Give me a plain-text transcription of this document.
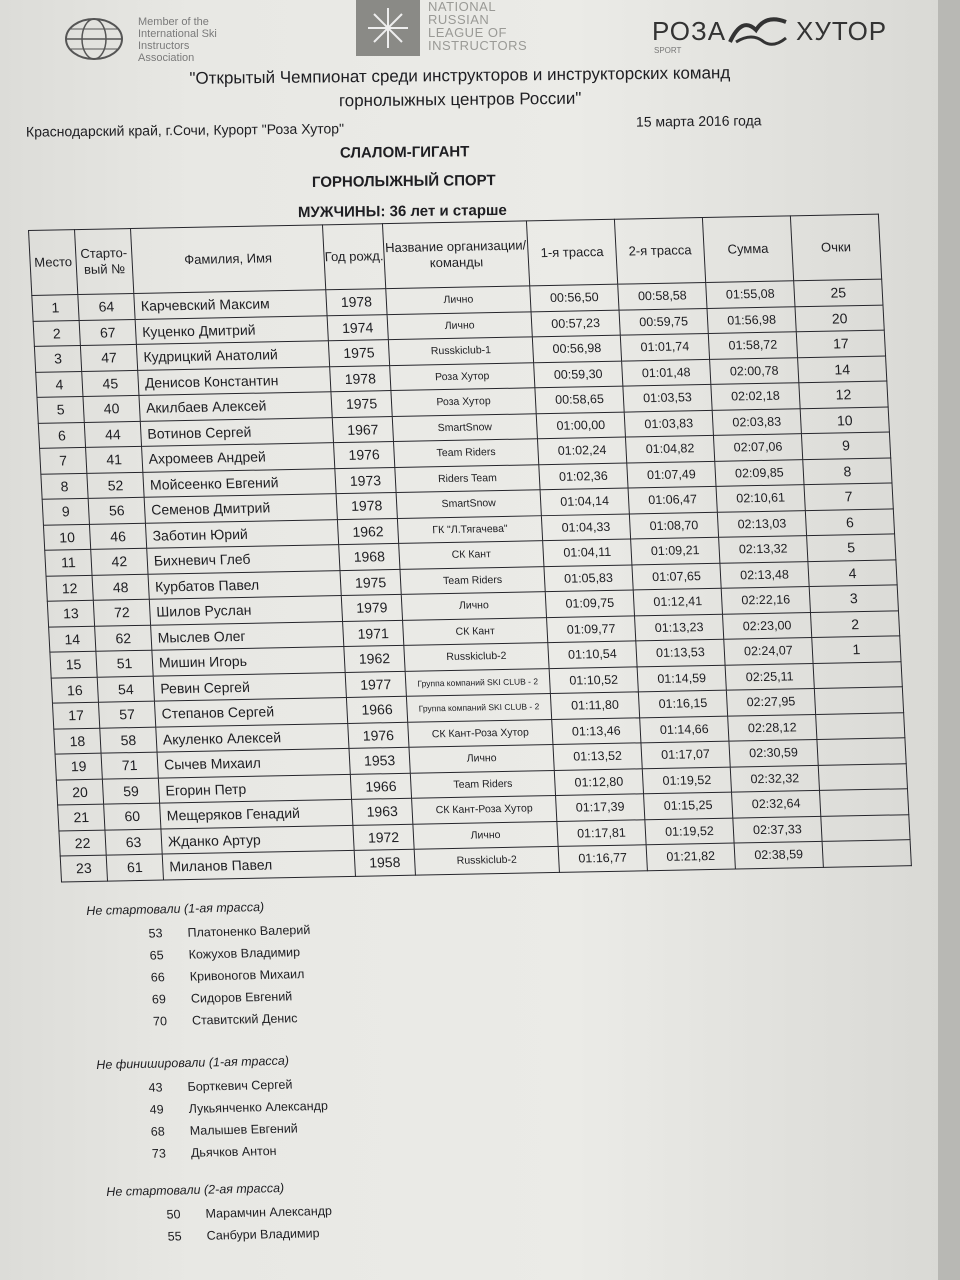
Member of the International Ski Instructors Association
NATIONAL RUSSIAN LEAGUE OF INSTRUCTORS	РОЗА	ХУТОР
SPORT
"Открытый Чемпионат среди инструкторов и инструкторских команд
горнолыжных центров России"
Краснодарский край, г.Сочи, Курорт "Роза Хутор"	15 марта 2016 года
СЛАЛОМ-ГИГАНТ
ГОРНОЛЫЖНЫЙ СПОРТ
МУЖЧИНЫ: 36 лет и старше
Место	Старто- вый №	Фамилия, Имя	Год рожд.	Название организации/ команды	1-я трасса	2-я трасса	Сумма	Очки
1	64	Карчевский Максим	1978	Лично	00:56,50	00:58,58	01:55,08	25
2	67	Куценко Дмитрий	1974	Лично	00:57,23	00:59,75	01:56,98	20
3	47	Кудрицкий Анатолий	1975	Russkiclub-1	00:56,98	01:01,74	01:58,72	17
4	45	Денисов Константин	1978	Роза Хутор	00:59,30	01:01,48	02:00,78	14
5	40	Акилбаев Алексей	1975	Роза Хутор	00:58,65	01:03,53	02:02,18	12
6	44	Вотинов Сергей	1967	SmartSnow	01:00,00	01:03,83	02:03,83	10
7	41	Ахромеев Андрей	1976	Team Riders	01:02,24	01:04,82	02:07,06	9
8	52	Мойсеенко Евгений	1973	Riders Team	01:02,36	01:07,49	02:09,85	8
9	56	Семенов Дмитрий	1978	SmartSnow	01:04,14	01:06,47	02:10,61	7
10	46	Заботин Юрий	1962	ГК "Л.Тягачева"	01:04,33	01:08,70	02:13,03	6
11	42	Бихневич Глеб	1968	СК Кант	01:04,11	01:09,21	02:13,32	5
12	48	Курбатов Павел	1975	Team Riders	01:05,83	01:07,65	02:13,48	4
13	72	Шилов Руслан	1979	Лично	01:09,75	01:12,41	02:22,16	3
14	62	Мыслев Олег	1971	СК Кант	01:09,77	01:13,23	02:23,00	2
15	51	Мишин Игорь	1962	Russkiclub-2	01:10,54	01:13,53	02:24,07	1
16	54	Ревин Сергей	1977	Группа компаний SKI CLUB - 2	01:10,52	01:14,59	02:25,11	
17	57	Степанов Сергей	1966	Группа компаний SKI CLUB - 2	01:11,80	01:16,15	02:27,95	
18	58	Акуленко Алексей	1976	СК Кант-Роза Хутор	01:13,46	01:14,66	02:28,12	
19	71	Сычев Михаил	1953	Лично	01:13,52	01:17,07	02:30,59	
20	59	Егорин Петр	1966	Team Riders	01:12,80	01:19,52	02:32,32	
21	60	Мещеряков Генадий	1963	СК Кант-Роза Хутор	01:17,39	01:15,25	02:32,64	
22	63	Жданко Артур	1972	Лично	01:17,81	01:19,52	02:37,33	
23	61	Миланов Павел	1958	Russkiclub-2	01:16,77	01:21,82	02:38,59	
Не стартовали (1-ая трасса)
53 Платоненко Валерий
65 Кожухов Владимир
66 Кривоногов Михаил
69 Сидоров Евгений
70 Ставитский Денис
Не финишировали (1-ая трасса)
43 Борткевич Сергей
49 Лукьянченко Александр
68 Малышев Евгений
73 Дьячков Антон
Не стартовали (2-ая трасса)
50 Марамчин Александр
55 Санбури Владимир
